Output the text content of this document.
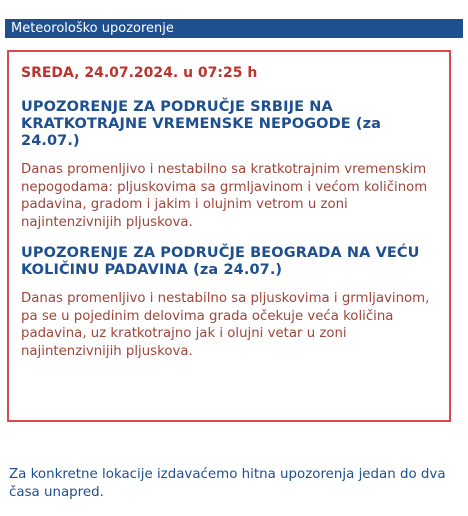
Meteorološko upozorenje

SREDA, 24.07.2024. u 07:25 h

UPOZORENJE ZA PODRUČJE SRBIJE NA KRATKOTRAJNE VREMENSKE NEPOGODE (za 24.07.)

Danas promenljivo i nestabilno sa kratkotrajnim vremenskim nepogodama: pljuskovima sa grmljavinom i većom količinom padavina, gradom i jakim i olujnim vetrom u zoni najintenzivnijih pljuskova.

UPOZORENJE ZA PODRUČJE BEOGRADA NA VEĆU KOLIČINU PADAVINA (za 24.07.)

Danas promenljivo i nestabilno sa pljuskovima i grmljavinom, pa se u pojedinim delovima grada očekuje veća količina padavina, uz kratkotrajno jak i olujni vetar u zoni najintenzivnijih pljuskova.

Za konkretne lokacije izdavaćemo hitna upozorenja jedan do dva časa unapred.
